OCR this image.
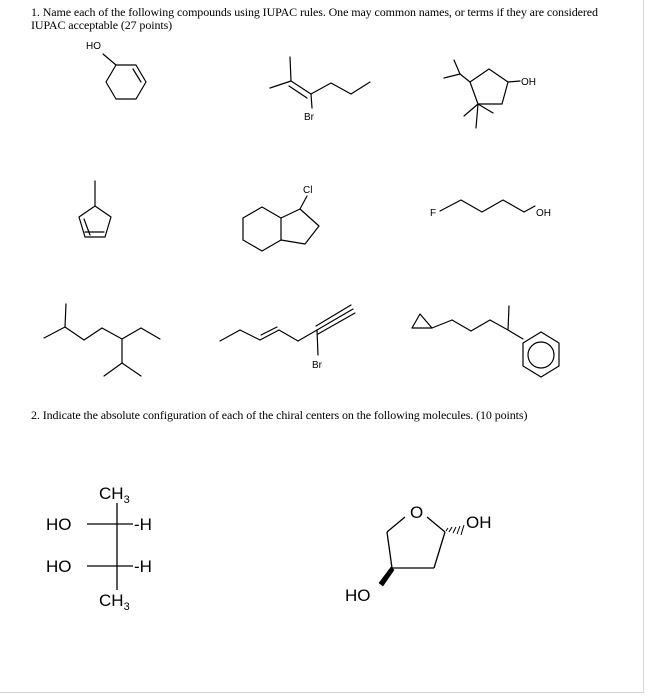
1. Name each of the following compounds using IUPAC rules. One may common names, or terms if they are considered IUPAC acceptable (27 points)
2. Indicate the absolute configuration of each of the chiral centers on the following molecules. (10 points)
HO
Br
OH
Cl
F	OH
Br
$CH_3$
HO	-H
HO	-H
$CH_3$
O
OH
HO
